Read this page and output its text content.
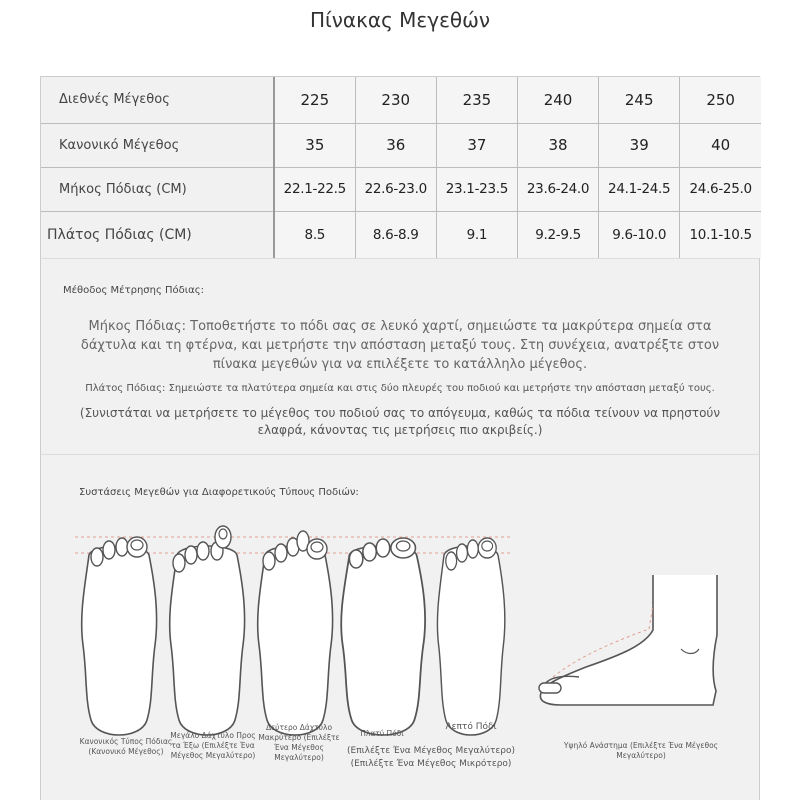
Πίνακας Μεγεθών
Διεθνές Μέγεθος	225	230	235	240	245	250
Κανονικό Μέγεθος	35	36	37	38	39	40
Μήκος Πόδιας (CM)	22.1-22.5	22.6-23.0	23.1-23.5	23.6-24.0	24.1-24.5	24.6-25.0
Πλάτος Πόδιας (CM)	8.5	8.6-8.9	9.1	9.2-9.5	9.6-10.0	10.1-10.5
Μέθοδος Μέτρησης Πόδιας:
Μήκος Πόδιας: Τοποθετήστε το πόδι σας σε λευκό χαρτί, σημειώστε τα μακρύτερα σημεία στα δάχτυλα και τη φτέρνα, και μετρήστε την απόσταση μεταξύ τους. Στη συνέχεια, ανατρέξτε στον πίνακα μεγεθών για να επιλέξετε το κατάλληλο μέγεθος.
Πλάτος Πόδιας: Σημειώστε τα πλατύτερα σημεία και στις δύο πλευρές του ποδιού και μετρήστε την απόσταση μεταξύ τους.
(Συνιστάται να μετρήσετε το μέγεθος του ποδιού σας το απόγευμα, καθώς τα πόδια τείνουν να πρηστούν ελαφρά, κάνοντας τις μετρήσεις πιο ακριβείς.)
Συστάσεις Μεγεθών για Διαφορετικούς Τύπους Ποδιών:
Κανονικός Τύπος Πόδιας (Κανονικό Μέγεθος)
Μεγάλο Δάχτυλο Προς τα Έξω (Επιλέξτε Ένα Μέγεθος Μεγαλύτερο)
Δεύτερο Δάχτυλο Μακρύτερο (Επιλέξτε Ένα Μέγεθος Μεγαλύτερο)
Πλατύ Πόδι
Λεπτό Πόδι
(Επιλέξτε Ένα Μέγεθος Μεγαλύτερο)
(Επιλέξτε Ένα Μέγεθος Μικρότερο)
Υψηλό Ανάστημα (Επιλέξτε Ένα Μέγεθος Μεγαλύτερο)
